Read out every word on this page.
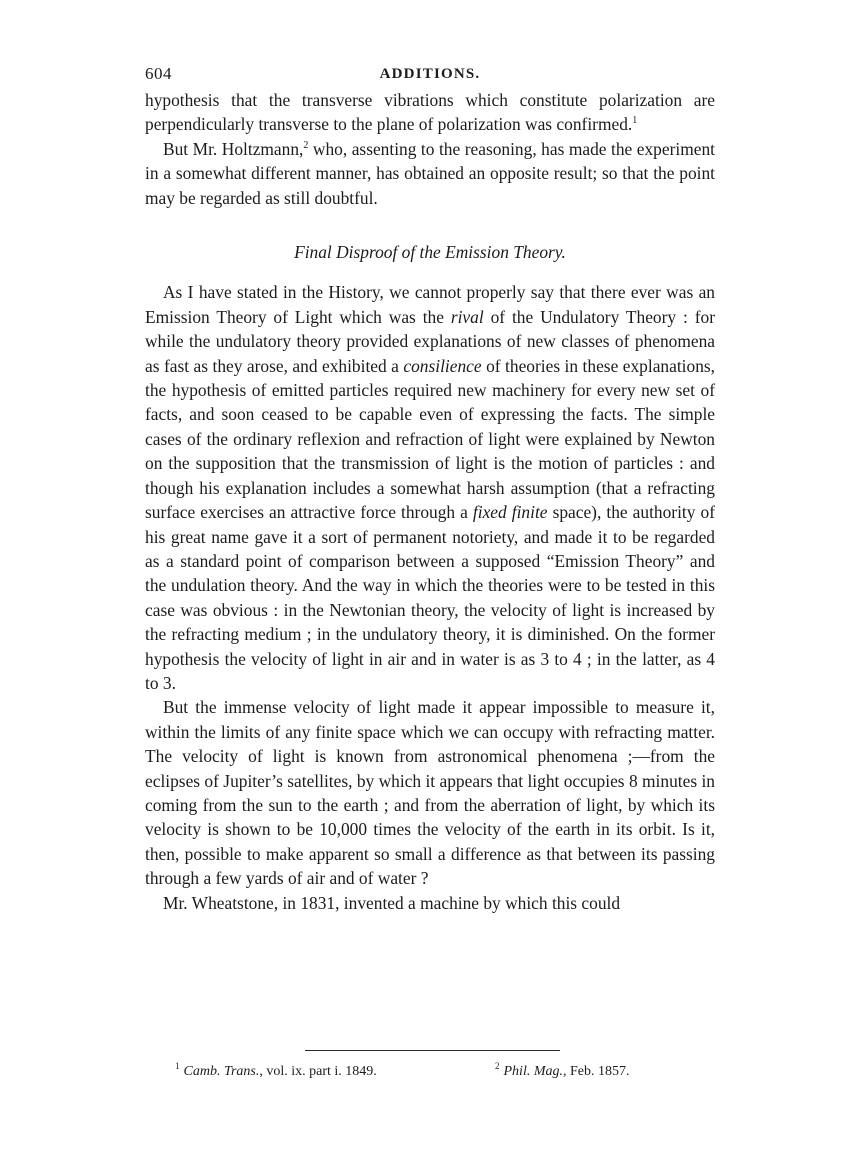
604	ADDITIONS.

hypothesis that the transverse vibrations which constitute polarization are perpendicularly transverse to the plane of polarization was confirmed.$^1$

But Mr. Holtzmann,$^2$ who, assenting to the reasoning, has made the experiment in a somewhat different manner, has obtained an opposite result; so that the point may be regarded as still doubtful.

Final Disproof of the Emission Theory.

As I have stated in the History, we cannot properly say that there ever was an Emission Theory of Light which was the rival of the Undulatory Theory : for while the undulatory theory provided explanations of new classes of phenomena as fast as they arose, and exhibited a consilience of theories in these explanations, the hypothesis of emitted particles required new machinery for every new set of facts, and soon ceased to be capable even of expressing the facts. The simple cases of the ordinary reflexion and refraction of light were explained by Newton on the supposition that the transmission of light is the motion of particles : and though his explanation includes a somewhat harsh assumption (that a refracting surface exercises an attractive force through a fixed finite space), the authority of his great name gave it a sort of permanent notoriety, and made it to be regarded as a standard point of comparison between a supposed “Emission Theory” and the undulation theory. And the way in which the theories were to be tested in this case was obvious : in the Newtonian theory, the velocity of light is increased by the refracting medium ; in the undulatory theory, it is diminished. On the former hypothesis the velocity of light in air and in water is as 3 to 4 ; in the latter, as 4 to 3.

But the immense velocity of light made it appear impossible to measure it, within the limits of any finite space which we can occupy with refracting matter. The velocity of light is known from astronomical phenomena ;—from the eclipses of Jupiter’s satellites, by which it appears that light occupies 8 minutes in coming from the sun to the earth ; and from the aberration of light, by which its velocity is shown to be 10,000 times the velocity of the earth in its orbit. Is it, then, possible to make apparent so small a difference as that between its passing through a few yards of air and of water ?

Mr. Wheatstone, in 1831, invented a machine by which this could

$^1$ Camb. Trans., vol. ix. part i. 1849.	$^2$ Phil. Mag., Feb. 1857.
